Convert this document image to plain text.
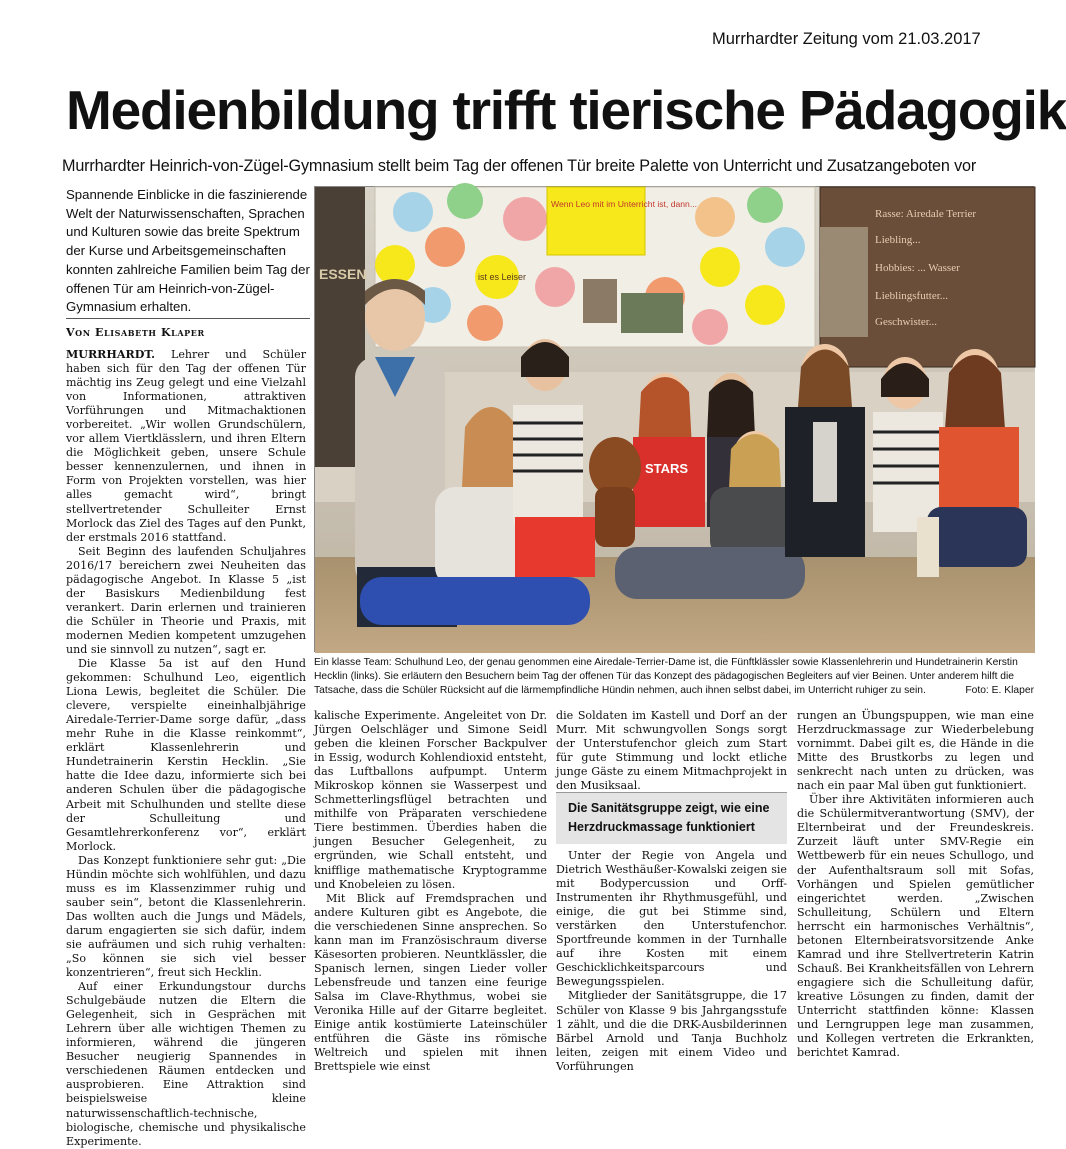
Murrhardter Zeitung vom 21.03.2017
Medienbildung trifft tierische Pädagogik
Murrhardter Heinrich-von-Zügel-Gymnasium stellt beim Tag der offenen Tür breite Palette von Unterricht und Zusatzangeboten vor
Spannende Einblicke in die faszinierende Welt der Naturwissenschaften, Sprachen und Kulturen sowie das breite Spektrum der Kurse und Arbeitsgemeinschaften konnten zahlreiche Familien beim Tag der offenen Tür am Heinrich-von-Zügel-Gymnasium erhalten.
Von Elisabeth Klaper

MURRHARDT. Lehrer und Schüler haben sich für den Tag der offenen Tür mächtig ins Zeug gelegt und eine Vielzahl von Informationen, attraktiven Vorführungen und Mitmachaktionen vorbereitet. „Wir wollen Grundschülern, vor allem Viertklässlern, und ihren Eltern die Möglichkeit geben, unsere Schule besser kennenzulernen, und ihnen in Form von Projekten vorstellen, was hier alles gemacht wird“, bringt stellvertretender Schulleiter Ernst Morlock das Ziel des Tages auf den Punkt, der erstmals 2016 stattfand.

Seit Beginn des laufenden Schuljahres 2016/17 bereichern zwei Neuheiten das pädagogische Angebot. In Klasse 5 „ist der Basiskurs Medienbildung fest verankert. Darin erlernen und trainieren die Schüler in Theorie und Praxis, mit modernen Medien kompetent umzugehen und sie sinnvoll zu nutzen“, sagt er.

Die Klasse 5a ist auf den Hund gekommen: Schulhund Leo, eigentlich Liona Lewis, begleitet die Schüler. Die clevere, verspielte eineinhalbjährige Airedale-Terrier-Dame sorge dafür, „dass mehr Ruhe in die Klasse reinkommt“, erklärt Klassenlehrerin und Hundetrainerin Kerstin Hecklin. „Sie hatte die Idee dazu, informierte sich bei anderen Schulen über die pädagogische Arbeit mit Schulhunden und stellte diese der Schulleitung und Gesamtlehrerkonferenz vor“, erklärt Morlock.

Das Konzept funktioniere sehr gut: „Die Hündin möchte sich wohlfühlen, und dazu muss es im Klassenzimmer ruhig und sauber sein“, betont die Klassenlehrerin. Das wollten auch die Jungs und Mädels, darum engagierten sie sich dafür, indem sie aufräumen und sich ruhig verhalten: „So können sie sich viel besser konzentrieren“, freut sich Hecklin.

Auf einer Erkundungstour durchs Schulgebäude nutzen die Eltern die Gelegenheit, sich in Gesprächen mit Lehrern über alle wichtigen Themen zu informieren, während die jüngeren Besucher neugierig Spannendes in verschiedenen Räumen entdecken und ausprobieren. Eine Attraktion sind beispielsweise kleine naturwissenschaftlich-technische, biologische, chemische und physikalische Experimente.

ESSEN	ist es Leiser
Wenn Leo mit im Unterricht ist, dann...
Rasse: Airedale Terrier
Liebling...
Hobbies: ... Wasser
Lieblingsfutter...
Geschwister...
STARS
Ein klasse Team: Schulhund Leo, der genau genommen eine Airedale-Terrier-Dame ist, die Fünftklässler sowie Klassenlehrerin und Hundetrainerin Kerstin Hecklin (links). Sie erläutern den Besuchern beim Tag der offenen Tür das Konzept des pädagogischen Begleiters auf vier Beinen. Unter anderem hilft die Tatsache, dass die Schüler Rücksicht auf die lärmempfindliche Hündin nehmen, auch ihnen selbst dabei, im Unterricht ruhiger zu sein.	Foto: E. Klaper

kalische Experimente. Angeleitet von Dr. Jürgen Oelschläger und Simone Seidl geben die kleinen Forscher Backpulver in Essig, wodurch Kohlendioxid entsteht, das Luftballons aufpumpt. Unterm Mikroskop können sie Wasserpest und Schmetterlingsflügel betrachten und mithilfe von Präparaten verschiedene Tiere bestimmen. Überdies haben die jungen Besucher Gelegenheit, zu ergründen, wie Schall entsteht, und knifflige mathematische Kryptogramme und Knobeleien zu lösen.

Mit Blick auf Fremdsprachen und andere Kulturen gibt es Angebote, die die verschiedenen Sinne ansprechen. So kann man im Französischraum diverse Käsesorten probieren. Neuntklässler, die Spanisch lernen, singen Lieder voller Lebensfreude und tanzen eine feurige Salsa im Clave-Rhythmus, wobei sie Veronika Hille auf der Gitarre begleitet. Einige antik kostümierte Lateinschüler entführen die Gäste ins römische Weltreich und spielen mit ihnen Brettspiele wie einst

die Soldaten im Kastell und Dorf an der Murr. Mit schwungvollen Songs sorgt der Unterstufenchor gleich zum Start für gute Stimmung und lockt etliche junge Gäste zu einem Mitmachprojekt in den Musiksaal.

Unter der Regie von Angela und Dietrich Westhäußer-Kowalski zeigen sie mit Bodypercussion und Orff-Instrumenten ihr Rhythmusgefühl, und einige, die gut bei Stimme sind, verstärken den Unterstufenchor. Sportfreunde kommen in der Turnhalle auf ihre Kosten mit einem Geschicklichkeitsparcours und Bewegungsspielen.

Mitglieder der Sanitätsgruppe, die 17 Schüler von Klasse 9 bis Jahrgangsstufe 1 zählt, und die die DRK-Ausbilderinnen Bärbel Arnold und Tanja Buchholz leiten, zeigen mit einem Video und Vorführungen

Die Sanitätsgruppe zeigt, wie eine Herzdruckmassage funktioniert

rungen an Übungspuppen, wie man eine Herzdruckmassage zur Wiederbelebung vornimmt. Dabei gilt es, die Hände in die Mitte des Brustkorbs zu legen und senkrecht nach unten zu drücken, was nach ein paar Mal üben gut funktioniert.

Über ihre Aktivitäten informieren auch die Schülermitverantwortung (SMV), der Elternbeirat und der Freundeskreis. Zurzeit läuft unter SMV-Regie ein Wettbewerb für ein neues Schullogo, und der Aufenthaltsraum soll mit Sofas, Vorhängen und Spielen gemütlicher eingerichtet werden. „Zwischen Schulleitung, Schülern und Eltern herrscht ein harmonisches Verhältnis“, betonen Elternbeiratsvorsitzende Anke Kamrad und ihre Stellvertreterin Katrin Schauß. Bei Krankheitsfällen von Lehrern engagiere sich die Schulleitung dafür, kreative Lösungen zu finden, damit der Unterricht stattfinden könne: Klassen und Lerngruppen lege man zusammen, und Kollegen vertreten die Erkrankten, berichtet Kamrad.
